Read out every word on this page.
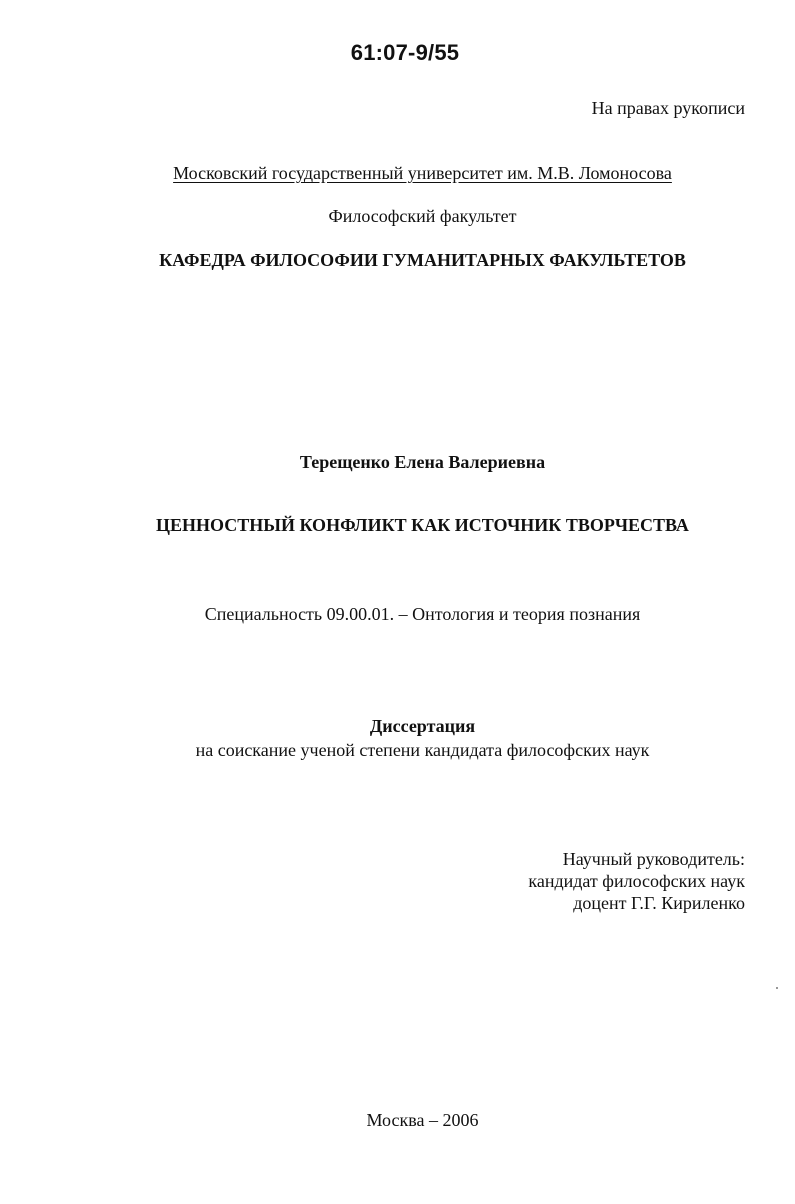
61:07-9/55
На правах рукописи
Московский государственный университет им. М.В. Ломоносова
Философский факультет
КАФЕДРА ФИЛОСОФИИ ГУМАНИТАРНЫХ ФАКУЛЬТЕТОВ
Терещенко Елена Валериевна
ЦЕННОСТНЫЙ КОНФЛИКТ КАК ИСТОЧНИК ТВОРЧЕСТВА
Специальность 09.00.01. – Онтология и теория познания
Диссертация
на соискание ученой степени кандидата философских наук
Научный руководитель:
кандидат философских наук
доцент Г.Г. Кириленко
Москва – 2006
